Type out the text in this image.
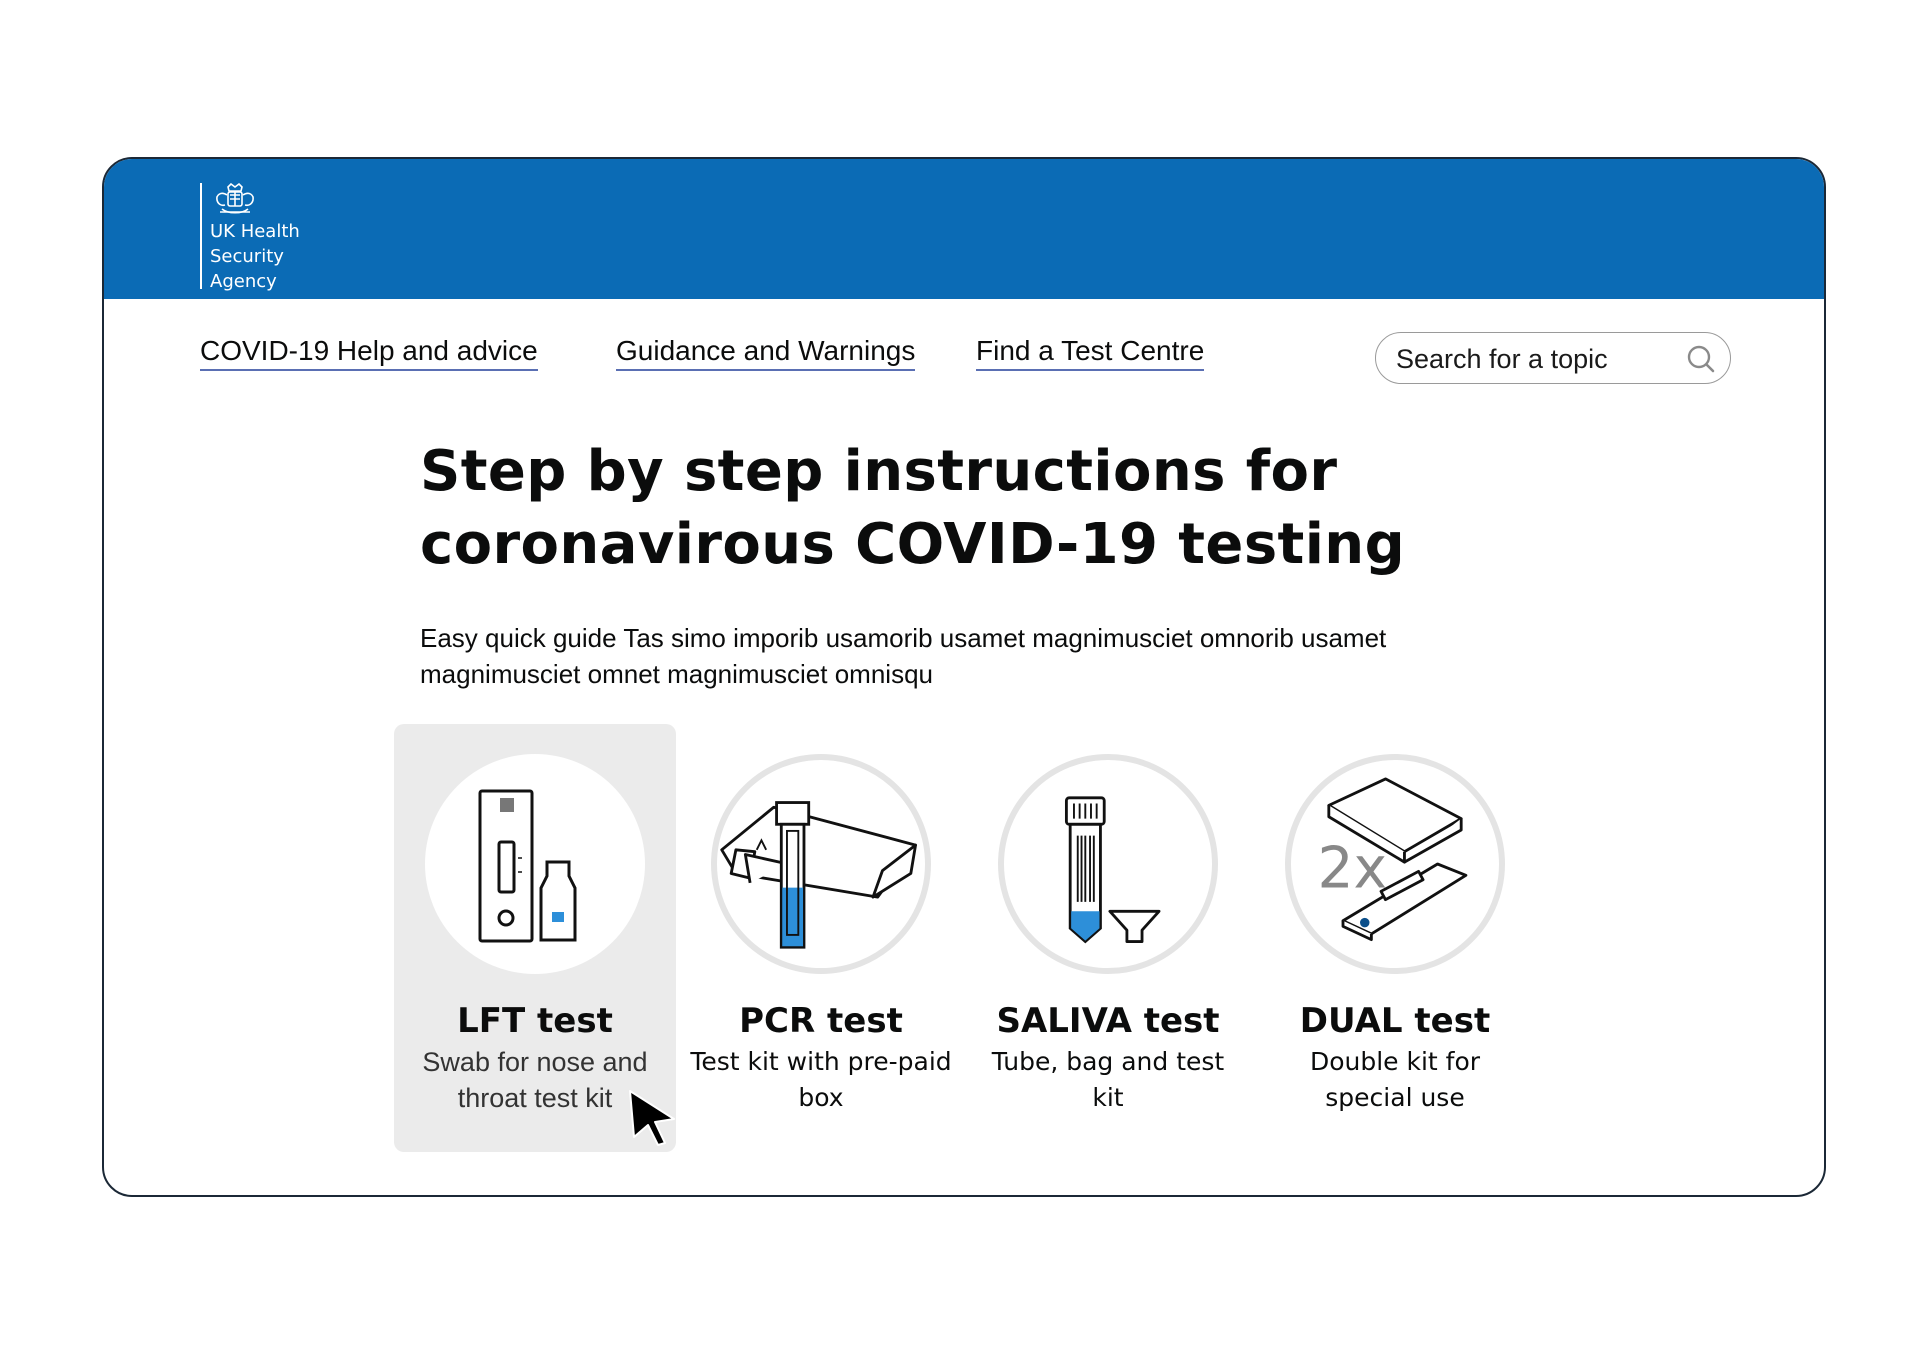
UK Health Security Agency
COVID-19 Help and advice	Guidance and Warnings Find a Test Centre
Search for a topic
Step by step instructions for coronavirous COVID-19 testing

Easy quick guide Tas simo imporib usamorib usamet magnimusciet omnorib usamet magnimusciet omnet magnimusciet omnisqu

LFT test
Swab for nose and throat test kit
PCR test
Test kit with pre-paid box
SALIVA test
Tube, bag and test kit
2x
DUAL test
Double kit for special use
